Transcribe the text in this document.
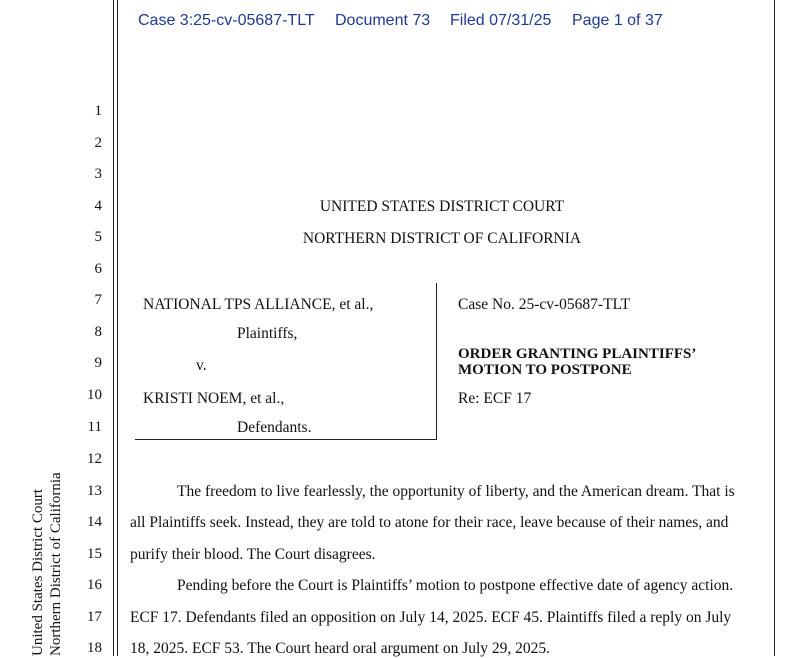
Case 3:25-cv-05687-TLT Document 73 Filed 07/31/25 Page 1 of 37
1
2
3
4
5
6
7
8
9
10
11
12
13
14
15
16
17
18
UNITED STATES DISTRICT COURT
NORTHERN DISTRICT OF CALIFORNIA
NATIONAL TPS ALLIANCE, et al.,
Plaintiffs,
v.
KRISTI NOEM, et al.,
Defendants.
Case No. 25-cv-05687-TLT
ORDER GRANTING PLAINTIFFS’
MOTION TO POSTPONE
Re: ECF 17
The freedom to live fearlessly, the opportunity of liberty, and the American dream. That is
all Plaintiffs seek. Instead, they are told to atone for their race, leave because of their names, and
purify their blood. The Court disagrees.
Pending before the Court is Plaintiffs’ motion to postpone effective date of agency action.
ECF 17. Defendants filed an opposition on July 14, 2025. ECF 45. Plaintiffs filed a reply on July
18, 2025. ECF 53. The Court heard oral argument on July 29, 2025.
United States District Court Northern District of California
